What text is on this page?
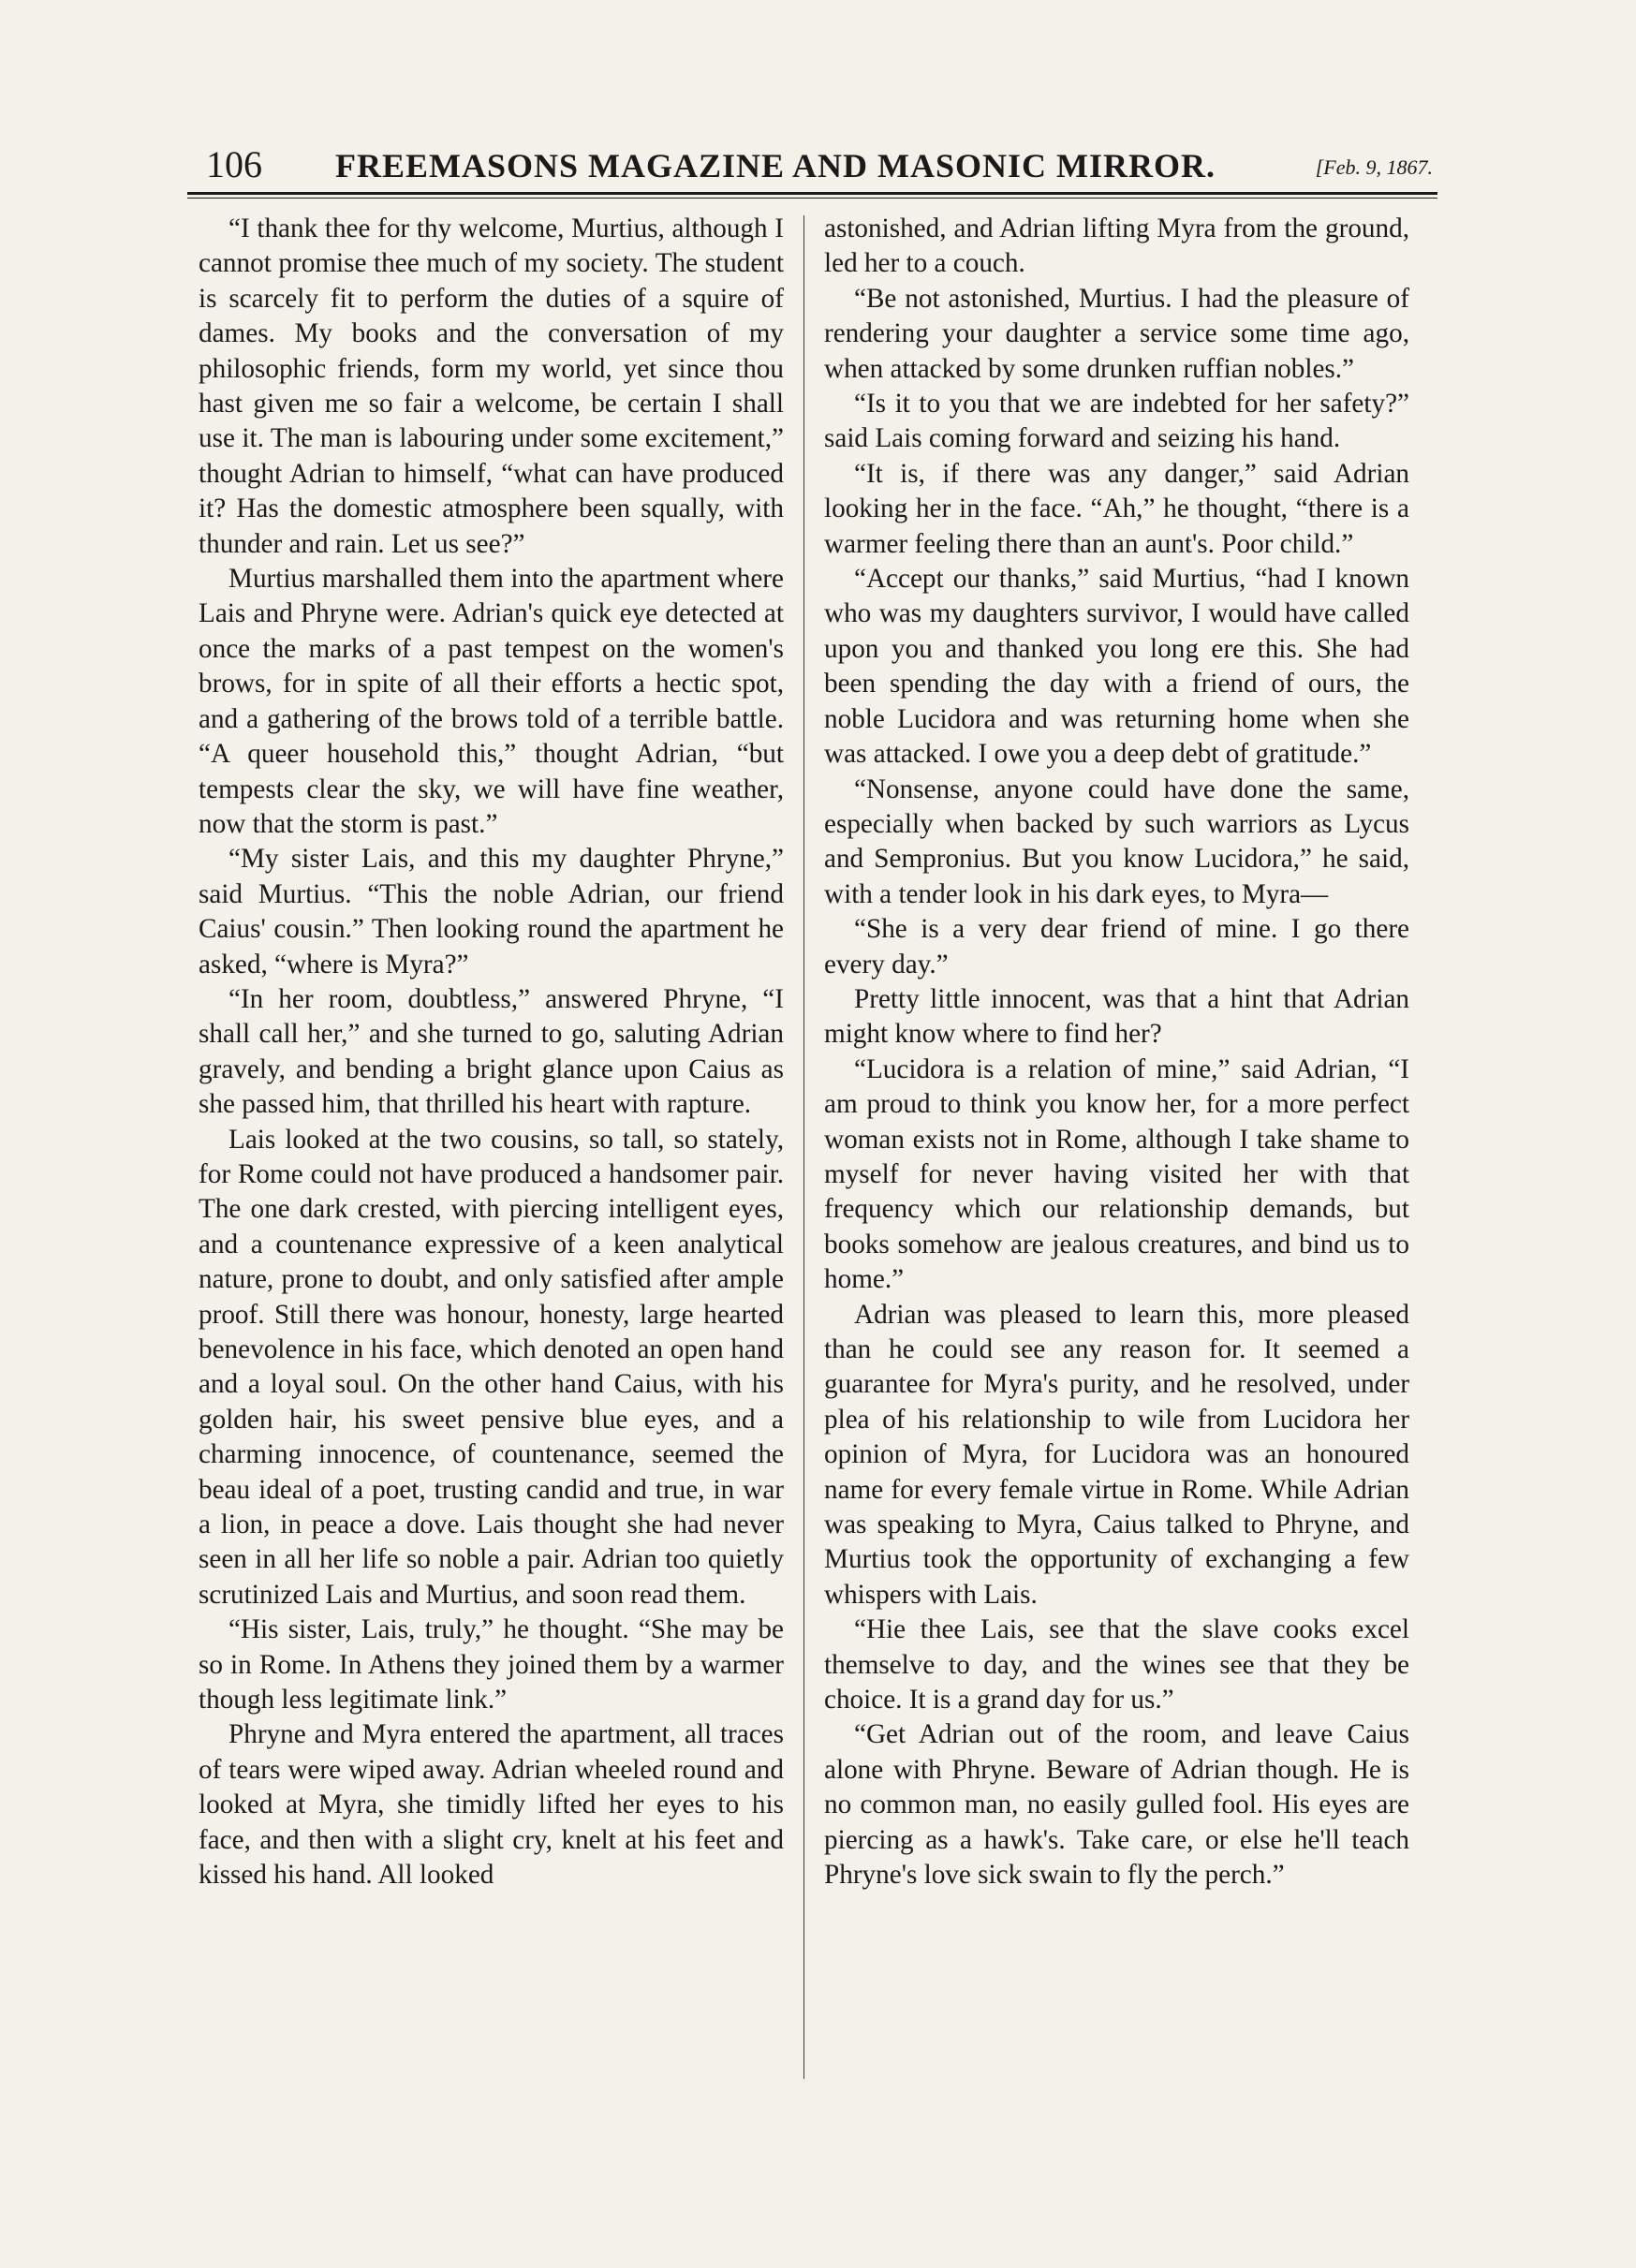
106 FREEMASONS MAGAZINE AND MASONIC MIRROR.	[Feb. 9, 1867.

“I thank thee for thy welcome, Murtius, although I cannot promise thee much of my society. The student is scarcely fit to perform the duties of a squire of dames. My books and the conversation of my philosophic friends, form my world, yet since thou hast given me so fair a welcome, be certain I shall use it. The man is labouring under some excitement,” thought Adrian to himself, “what can have produced it? Has the domestic atmosphere been squally, with thunder and rain. Let us see?”

Murtius marshalled them into the apartment where Lais and Phryne were. Adrian's quick eye detected at once the marks of a past tempest on the women's brows, for in spite of all their efforts a hectic spot, and a gathering of the brows told of a terrible battle. “A queer household this,” thought Adrian, “but tempests clear the sky, we will have fine weather, now that the storm is past.”

“My sister Lais, and this my daughter Phryne,” said Murtius. “This the noble Adrian, our friend Caius' cousin.” Then looking round the apartment he asked, “where is Myra?”

“In her room, doubtless,” answered Phryne, “I shall call her,” and she turned to go, saluting Adrian gravely, and bending a bright glance upon Caius as she passed him, that thrilled his heart with rapture.

Lais looked at the two cousins, so tall, so stately, for Rome could not have produced a handsomer pair. The one dark crested, with piercing intelligent eyes, and a countenance expressive of a keen analytical nature, prone to doubt, and only satisfied after ample proof. Still there was honour, honesty, large hearted benevolence in his face, which denoted an open hand and a loyal soul. On the other hand Caius, with his golden hair, his sweet pensive blue eyes, and a charming innocence, of countenance, seemed the beau ideal of a poet, trusting candid and true, in war a lion, in peace a dove. Lais thought she had never seen in all her life so noble a pair. Adrian too quietly scrutinized Lais and Murtius, and soon read them.

“His sister, Lais, truly,” he thought. “She may be so in Rome. In Athens they joined them by a warmer though less legitimate link.”

Phryne and Myra entered the apartment, all traces of tears were wiped away. Adrian wheeled round and looked at Myra, she timidly lifted her eyes to his face, and then with a slight cry, knelt at his feet and kissed his hand. All looked

astonished, and Adrian lifting Myra from the ground, led her to a couch.

“Be not astonished, Murtius. I had the pleasure of rendering your daughter a service some time ago, when attacked by some drunken ruffian nobles.”

“Is it to you that we are indebted for her safety?” said Lais coming forward and seizing his hand.

“It is, if there was any danger,” said Adrian looking her in the face. “Ah,” he thought, “there is a warmer feeling there than an aunt's. Poor child.”

“Accept our thanks,” said Murtius, “had I known who was my daughters survivor, I would have called upon you and thanked you long ere this. She had been spending the day with a friend of ours, the noble Lucidora and was returning home when she was attacked. I owe you a deep debt of gratitude.”

“Nonsense, anyone could have done the same, especially when backed by such warriors as Lycus and Sempronius. But you know Lucidora,” he said, with a tender look in his dark eyes, to Myra—

“She is a very dear friend of mine. I go there every day.”

Pretty little innocent, was that a hint that Adrian might know where to find her?

“Lucidora is a relation of mine,” said Adrian, “I am proud to think you know her, for a more perfect woman exists not in Rome, although I take shame to myself for never having visited her with that frequency which our relationship demands, but books somehow are jealous creatures, and bind us to home.”

Adrian was pleased to learn this, more pleased than he could see any reason for. It seemed a guarantee for Myra's purity, and he resolved, under plea of his relationship to wile from Lucidora her opinion of Myra, for Lucidora was an honoured name for every female virtue in Rome. While Adrian was speaking to Myra, Caius talked to Phryne, and Murtius took the opportunity of exchanging a few whispers with Lais.

“Hie thee Lais, see that the slave cooks excel themselve to day, and the wines see that they be choice. It is a grand day for us.”

“Get Adrian out of the room, and leave Caius alone with Phryne. Beware of Adrian though. He is no common man, no easily gulled fool. His eyes are piercing as a hawk's. Take care, or else he'll teach Phryne's love sick swain to fly the perch.”
